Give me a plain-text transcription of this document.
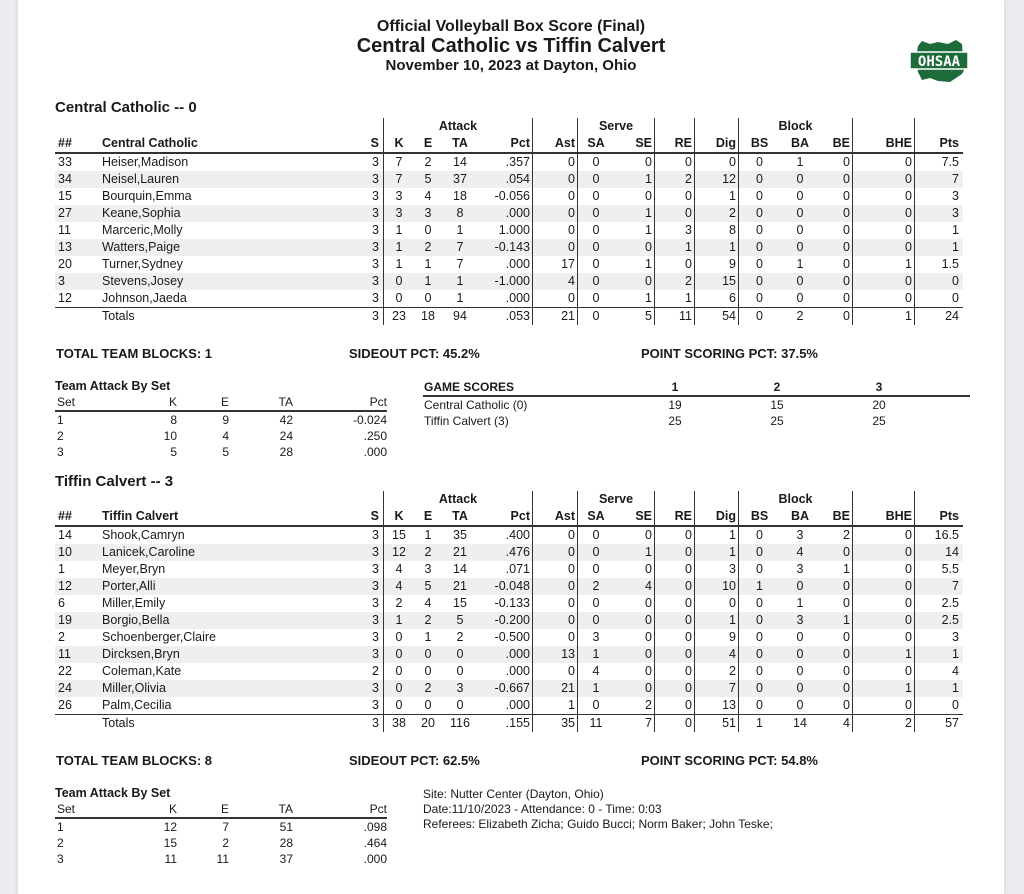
Official Volleyball Box Score (Final)
Central Catholic vs Tiffin Calvert
November 10, 2023 at Dayton, Ohio	OHSAA
Central Catholic -- 0
			Attack					Serve				Block				
##	Central Catholic	S	K	E	TA	Pct	Ast	SA	SE	RE	Dig	BS	BA	BE	BHE	Pts
33	Heiser,Madison	3	7	2	14	.357	0	0	0	0	0	0	1	0	0	7.5
34	Neisel,Lauren	3	7	5	37	.054	0	0	1	2	12	0	0	0	0	7
15	Bourquin,Emma	3	3	4	18	-0.056	0	0	0	0	1	0	0	0	0	3
27	Keane,Sophia	3	3	3	8	.000	0	0	1	0	2	0	0	0	0	3
11	Marceric,Molly	3	1	0	1	1.000	0	0	1	3	8	0	0	0	0	1
13	Watters,Paige	3	1	2	7	-0.143	0	0	0	1	1	0	0	0	0	1
20	Turner,Sydney	3	1	1	7	.000	17	0	1	0	9	0	1	0	1	1.5
3	Stevens,Josey	3	0	1	1	-1.000	4	0	0	2	15	0	0	0	0	0
12	Johnson,Jaeda	3	0	0	1	.000	0	0	1	1	6	0	0	0	0	0
	Totals	3	23	18	94	.053	21	0	5	11	54	0	2	0	1	24
TOTAL TEAM BLOCKS: 1	SIDEOUT PCT: 45.2%	POINT SCORING PCT: 37.5%
Team Attack By Set
Set	K	E	TA	Pct
1	8	9	42	-0.024
2	10	4	24	.250
3	5	5	28	.000
GAME SCORES	1	2	3	
Central Catholic (0)	19	15	20	
Tiffin Calvert (3)	25	25	25	
Tiffin Calvert -- 3
			Attack					Serve				Block				
##	Tiffin Calvert	S	K	E	TA	Pct	Ast	SA	SE	RE	Dig	BS	BA	BE	BHE	Pts
14	Shook,Camryn	3	15	1	35	.400	0	0	0	0	1	0	3	2	0	16.5
10	Lanicek,Caroline	3	12	2	21	.476	0	0	1	0	1	0	4	0	0	14
1	Meyer,Bryn	3	4	3	14	.071	0	0	0	0	3	0	3	1	0	5.5
12	Porter,Alli	3	4	5	21	-0.048	0	2	4	0	10	1	0	0	0	7
6	Miller,Emily	3	2	4	15	-0.133	0	0	0	0	0	0	1	0	0	2.5
19	Borgio,Bella	3	1	2	5	-0.200	0	0	0	0	1	0	3	1	0	2.5
2	Schoenberger,Claire	3	0	1	2	-0.500	0	3	0	0	9	0	0	0	0	3
11	Dircksen,Bryn	3	0	0	0	.000	13	1	0	0	4	0	0	0	1	1
22	Coleman,Kate	2	0	0	0	.000	0	4	0	0	2	0	0	0	0	4
24	Miller,Olivia	3	0	2	3	-0.667	21	1	0	0	7	0	0	0	1	1
26	Palm,Cecilia	3	0	0	0	.000	1	0	2	0	13	0	0	0	0	0
	Totals	3	38	20	116	.155	35	11	7	0	51	1	14	4	2	57
TOTAL TEAM BLOCKS: 8	SIDEOUT PCT: 62.5%	POINT SCORING PCT: 54.8%
Team Attack By Set
Set	K	E	TA	Pct
1	12	7	51	.098
2	15	2	28	.464
3	11	11	37	.000
Site: Nutter Center (Dayton, Ohio)
Date:11/10/2023 - Attendance: 0 - Time: 0:03
Referees: Elizabeth Zicha; Guido Bucci; Norm Baker; John Teske;
